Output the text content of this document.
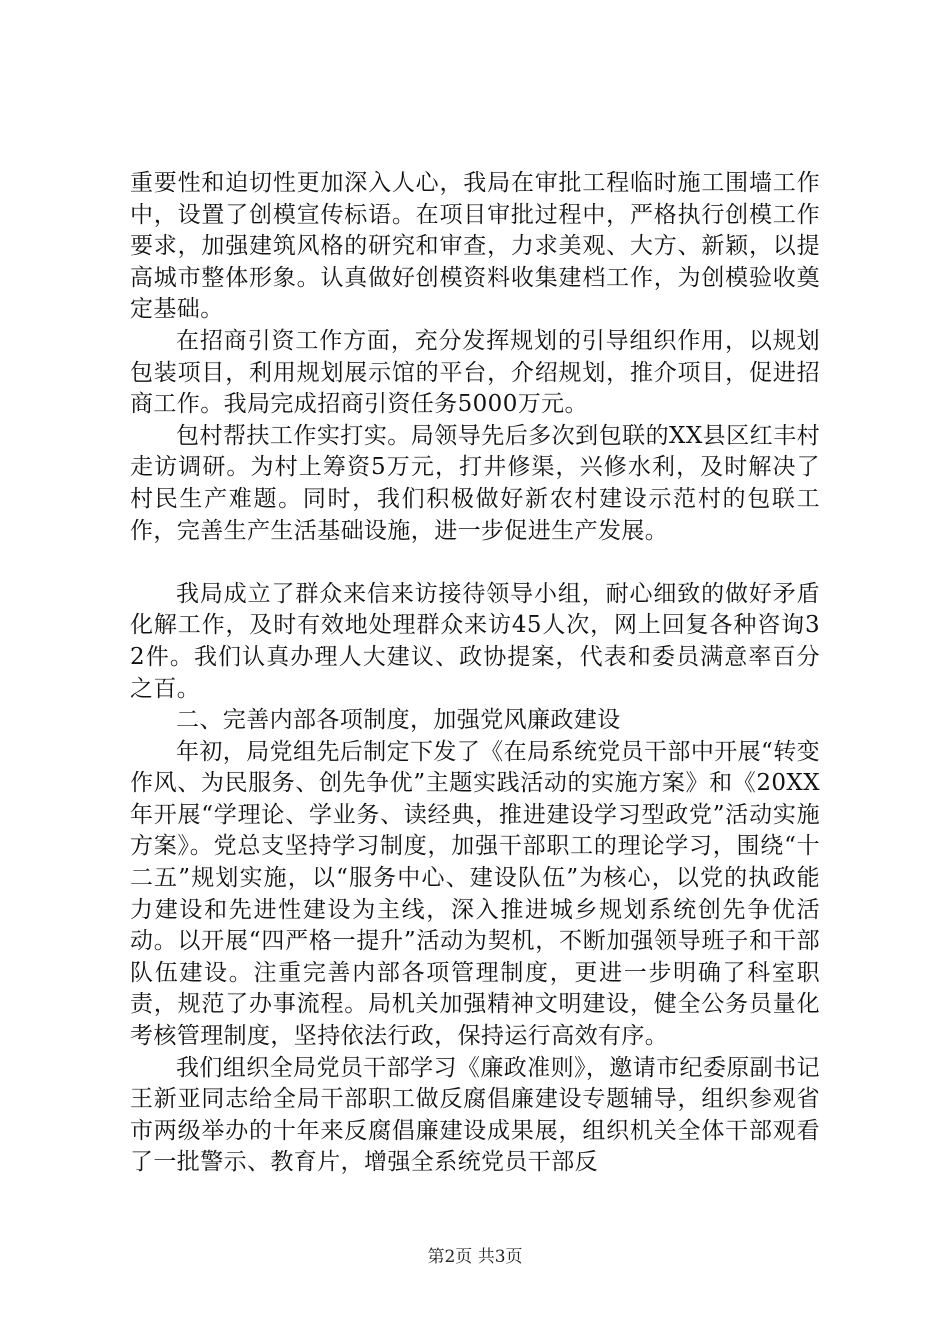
重要性和迫切性更加深入人心，我局在审批工程临时施工围墙工作中，设置了创模宣传标语。在项目审批过程中，严格执行创模工作要求，加强建筑风格的研究和审查，力求美观、大方、新颖，以提高城市整体形象。认真做好创模资料收集建档工作，为创模验收奠定基础。

在招商引资工作方面，充分发挥规划的引导组织作用，以规划包装项目，利用规划展示馆的平台，介绍规划，推介项目，促进招商工作。我局完成招商引资任务5000万元。

包村帮扶工作实打实。局领导先后多次到包联的XX县区红丰村走访调研。为村上筹资5万元，打井修渠，兴修水利，及时解决了村民生产难题。同时，我们积极做好新农村建设示范村的包联工作，完善生产生活基础设施，进一步促进生产发展。

我局成立了群众来信来访接待领导小组，耐心细致的做好矛盾化解工作，及时有效地处理群众来访45人次，网上回复各种咨询32件。我们认真办理人大建议、政协提案，代表和委员满意率百分之百。

二、完善内部各项制度，加强党风廉政建设

年初，局党组先后制定下发了《在局系统党员干部中开展“转变作风、为民服务、创先争优”主题实践活动的实施方案》和《20XX年开展“学理论、学业务、读经典，推进建设学习型政党”活动实施方案》。党总支坚持学习制度，加强干部职工的理论学习，围绕“十二五”规划实施，以“服务中心、建设队伍”为核心，以党的执政能力建设和先进性建设为主线，深入推进城乡规划系统创先争优活动。以开展“四严格一提升”活动为契机，不断加强领导班子和干部队伍建设。注重完善内部各项管理制度，更进一步明确了科室职责，规范了办事流程。局机关加强精神文明建设，健全公务员量化考核管理制度，坚持依法行政，保持运行高效有序。

我们组织全局党员干部学习《廉政准则》，邀请市纪委原副书记王新亚同志给全局干部职工做反腐倡廉建设专题辅导，组织参观省市两级举办的十年来反腐倡廉建设成果展，组织机关全体干部观看了一批警示、教育片，增强全系统党员干部反

第2页 共3页
